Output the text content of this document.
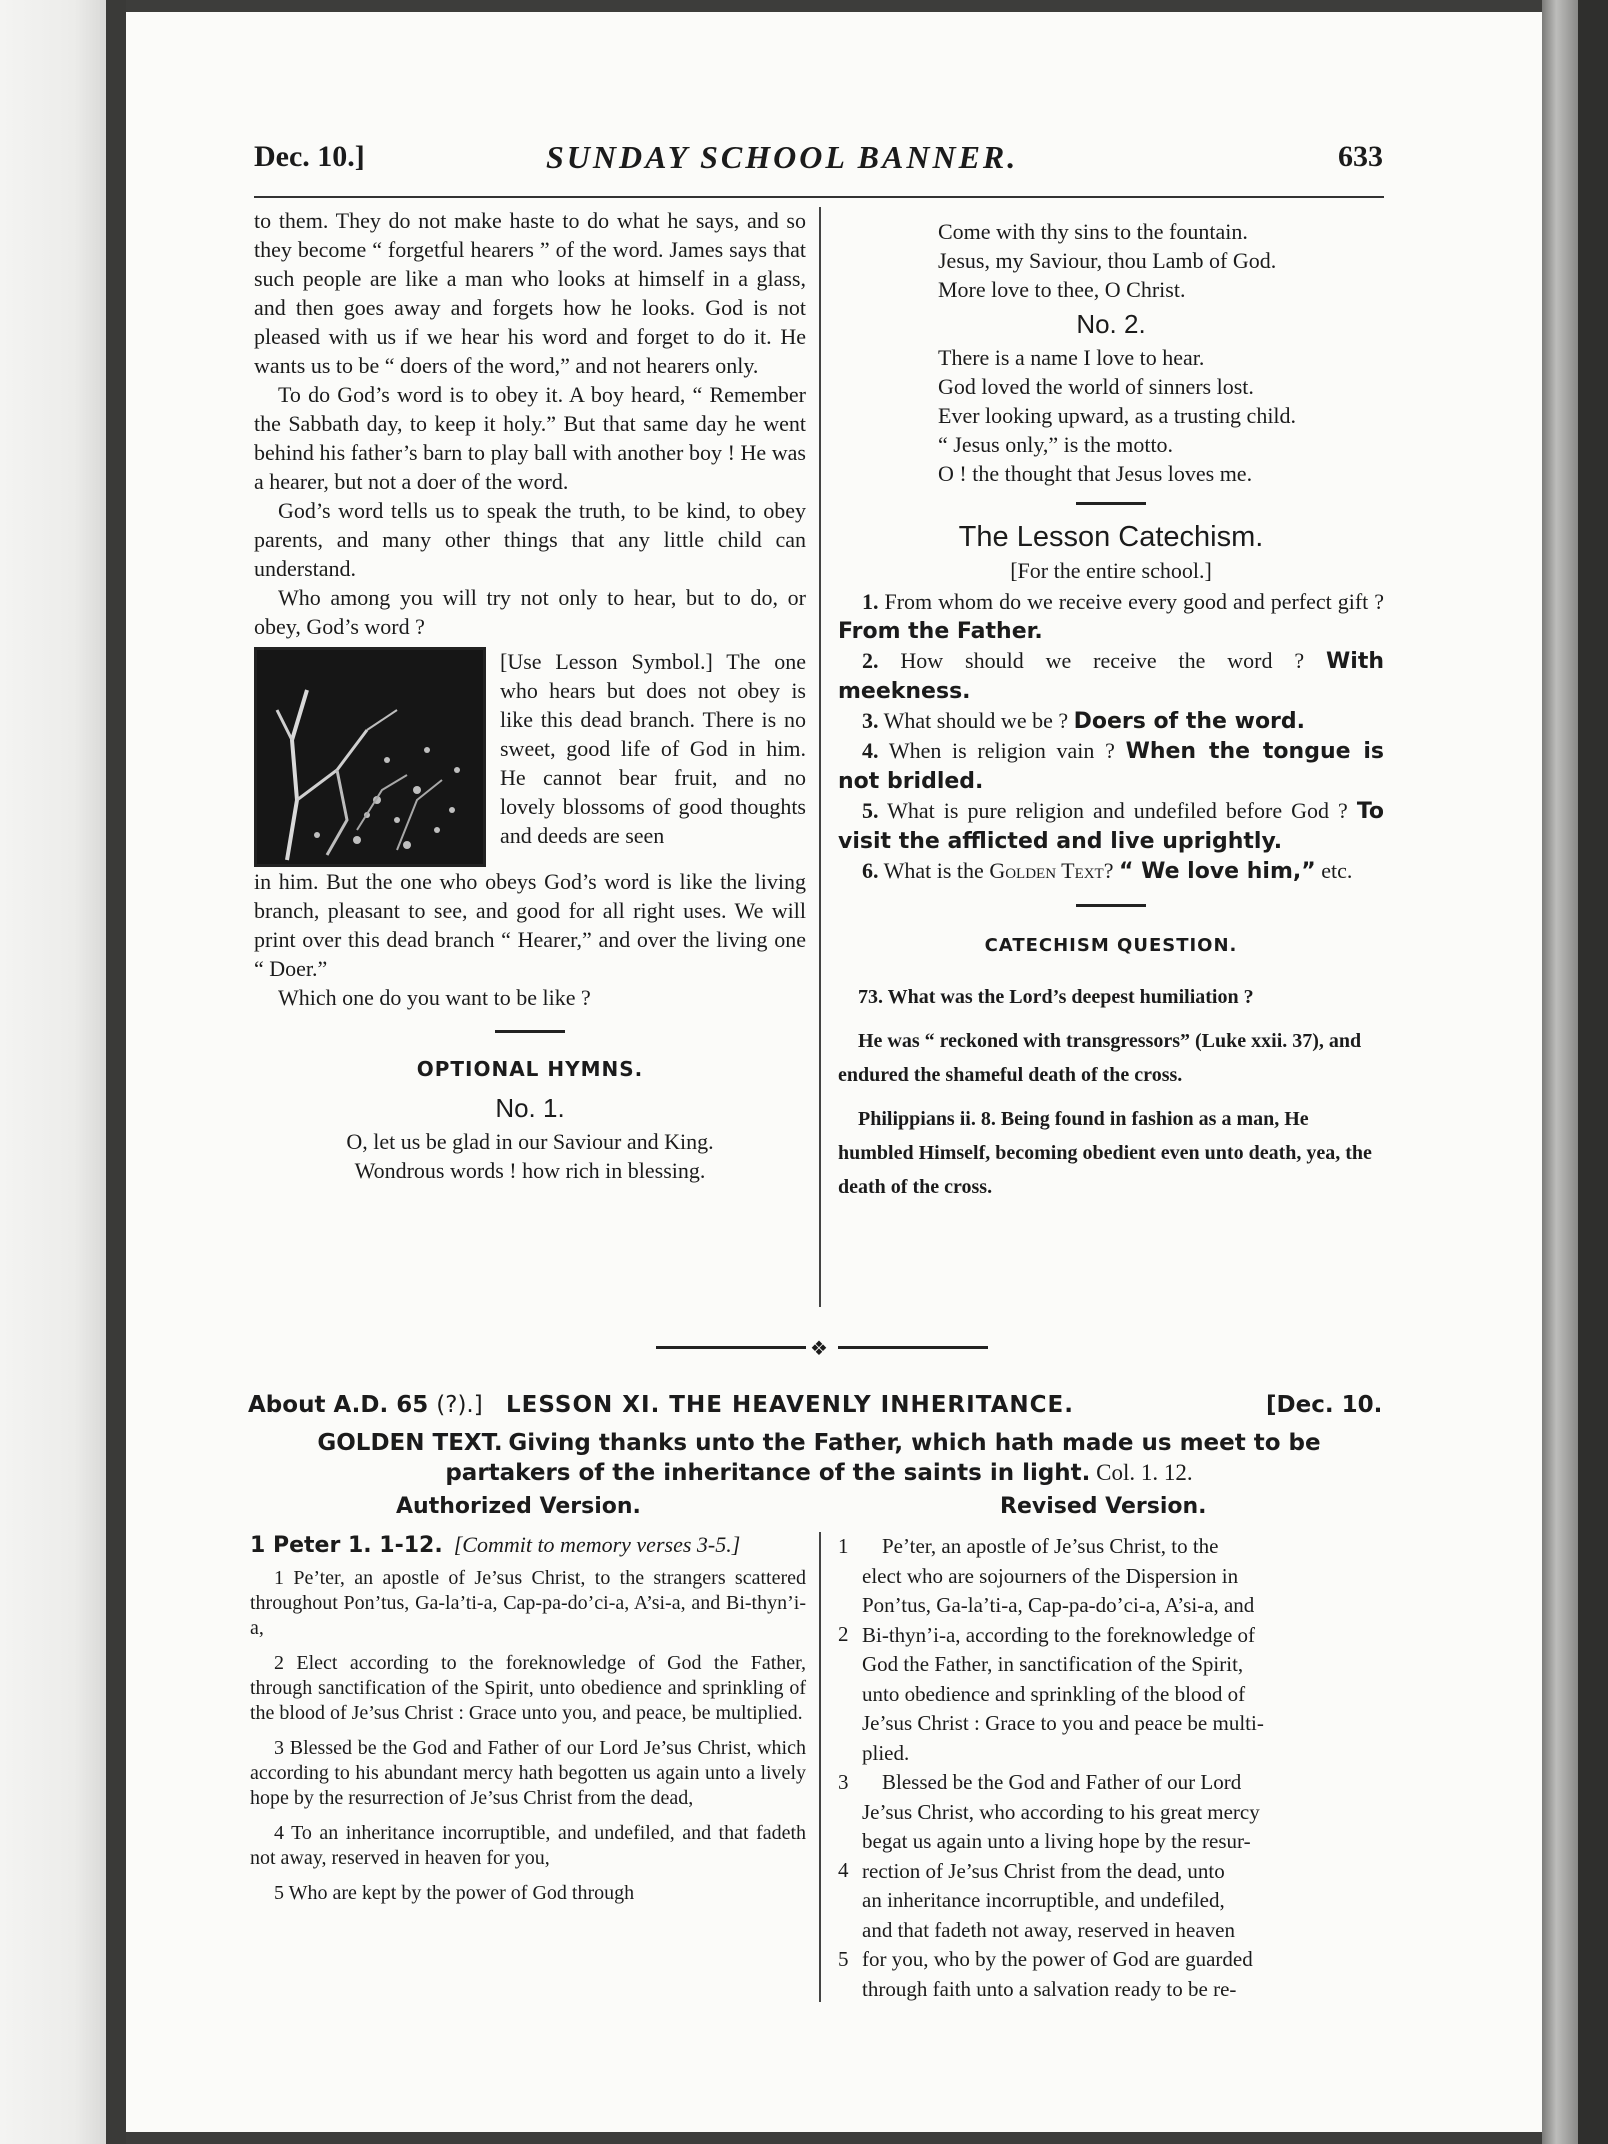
Dec. 10.]	SUNDAY SCHOOL BANNER.	633

to them. They do not make haste to do what he says, and so they become “ forgetful hearers ” of the word. James says that such people are like a man who looks at himself in a glass, and then goes away and forgets how he looks. God is not pleased with us if we hear his word and forget to do it. He wants us to be “ doers of the word,” and not hearers only.

To do God’s word is to obey it. A boy heard, “ Remember the Sabbath day, to keep it holy.” But that same day he went behind his father’s barn to play ball with another boy ! He was a hearer, but not a doer of the word.

God’s word tells us to speak the truth, to be kind, to obey parents, and many other things that any little child can understand.

Who among you will try not only to hear, but to do, or obey, God’s word ?

[Use Lesson Symbol.] The one who hears but does not obey is like this dead branch. There is no sweet, good life of God in him. He cannot bear fruit, and no lovely blossoms of good thoughts and deeds are seen

in him. But the one who obeys God’s word is like the living branch, pleasant to see, and good for all right uses. We will print over this dead branch “ Hearer,” and over the living one “ Doer.”

Which one do you want to be like ?

OPTIONAL HYMNS.
No. 1.
O, let us be glad in our Saviour and King.
Wondrous words ! how rich in blessing.
Come with thy sins to the fountain.
Jesus, my Saviour, thou Lamb of God.
More love to thee, O Christ.
No. 2.
There is a name I love to hear.
God loved the world of sinners lost.
Ever looking upward, as a trusting child.
“ Jesus only,” is the motto.
O ! the thought that Jesus loves me.
The Lesson Catechism.
[For the entire school.]

1. From whom do we receive every good and perfect gift ? From the Father.

2. How should we receive the word ? With meekness.

3. What should we be ? Doers of the word.

4. When is religion vain ? When the tongue is not bridled.

5. What is pure religion and undefiled before God ? To visit the afflicted and live uprightly.

6. What is the Golden Text? “ We love him,” etc.

CATECHISM QUESTION.
73. What was the Lord’s deepest humiliation ?
He was “ reckoned with transgressors” (Luke xxii. 37), and endured the shameful death of the cross.
Philippians ii. 8. Being found in fashion as a man, He humbled Himself, becoming obedient even unto death, yea, the death of the cross.
❖
About A.D. 65 (?).] LESSON XI. THE HEAVENLY INHERITANCE.	[Dec. 10.
GOLDEN TEXT. Giving thanks unto the Father, which hath made us meet to be partakers of the inheritance of the saints in light. Col. 1. 12.
Authorized Version.	Revised Version.
1 Peter 1. 1-12. [Commit to memory verses 3-5.]

1 Pe’ter, an apostle of Je’sus Christ, to the strangers scattered throughout Pon’tus, Ga-la’ti-a, Cap-pa-do’ci-a, A’si-a, and Bi-thyn’i-a,

2 Elect according to the foreknowledge of God the Father, through sanctification of the Spirit, unto obedience and sprinkling of the blood of Je’sus Christ : Grace unto you, and peace, be multiplied.

3 Blessed be the God and Father of our Lord Je’sus Christ, which according to his abundant mercy hath begotten us again unto a lively hope by the resurrection of Je’sus Christ from the dead,

4 To an inheritance incorruptible, and undefiled, and that fadeth not away, reserved in heaven for you,

5 Who are kept by the power of God through

1
2
3
4
5
Pe’ter, an apostle of Je’sus Christ, to the
elect who are sojourners of the Dispersion in
Pon’tus, Ga-la’ti-a, Cap-pa-do’ci-a, A’si-a, and
Bi-thyn’i-a, according to the foreknowledge of
God the Father, in sanctification of the Spirit,
unto obedience and sprinkling of the blood of
Je’sus Christ : Grace to you and peace be multi-
plied.
Blessed be the God and Father of our Lord
Je’sus Christ, who according to his great mercy
begat us again unto a living hope by the resur-
rection of Je’sus Christ from the dead, unto
an inheritance incorruptible, and undefiled,
and that fadeth not away, reserved in heaven
for you, who by the power of God are guarded
through faith unto a salvation ready to be re-
